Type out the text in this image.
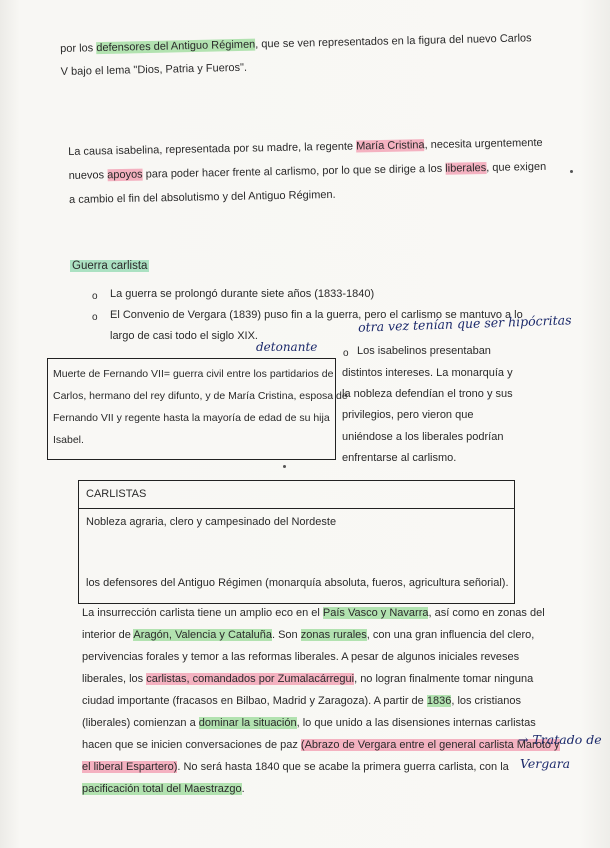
por los defensores del Antiguo Régimen, que se ven representados en la figura del nuevo Carlos
V bajo el lema "Dios, Patria y Fueros".
La causa isabelina, representada por su madre, la regente María Cristina, necesita urgentemente
nuevos apoyos para poder hacer frente al carlismo, por lo que se dirige a los liberales, que exigen
a cambio el fin del absolutismo y del Antiguo Régimen.
Guerra carlista
o La guerra se prolongó durante siete años (1833-1840)
o El Convenio de Vergara (1839) puso fin a la guerra, pero el carlismo se mantuvo a lo
largo de casi todo el siglo XIX.
otra vez tenían que ser hipócritas
detonante
Muerte de Fernando VII= guerra civil entre los partidarios de
Carlos, hermano del rey difunto, y de María Cristina, esposa de
Fernando VII y regente hasta la mayoría de edad de su hija
Isabel.
o Los isabelinos presentaban
distintos intereses. La monarquía y
la nobleza defendían el trono y sus
privilegios, pero vieron que
uniéndose a los liberales podrían
enfrentarse al carlismo.
CARLISTAS
Nobleza agraria, clero y campesinado del Nordeste
los defensores del Antiguo Régimen (monarquía absoluta, fueros, agricultura señorial).
La insurrección carlista tiene un amplio eco en el País Vasco y Navarra, así como en zonas del
interior de Aragón, Valencia y Cataluña. Son zonas rurales, con una gran influencia del clero,
pervivencias forales y temor a las reformas liberales. A pesar de algunos iniciales reveses
liberales, los carlistas, comandados por Zumalacárregui, no logran finalmente tomar ninguna
ciudad importante (fracasos en Bilbao, Madrid y Zaragoza). A partir de 1836, los cristianos
(liberales) comienzan a dominar la situación, lo que unido a las disensiones internas carlistas
hacen que se inicien conversaciones de paz (Abrazo de Vergara entre el general carlista Maroto y
el liberal Espartero). No será hasta 1840 que se acabe la primera guerra carlista, con la
pacificación total del Maestrazgo.
→ Tratado de
Vergara
